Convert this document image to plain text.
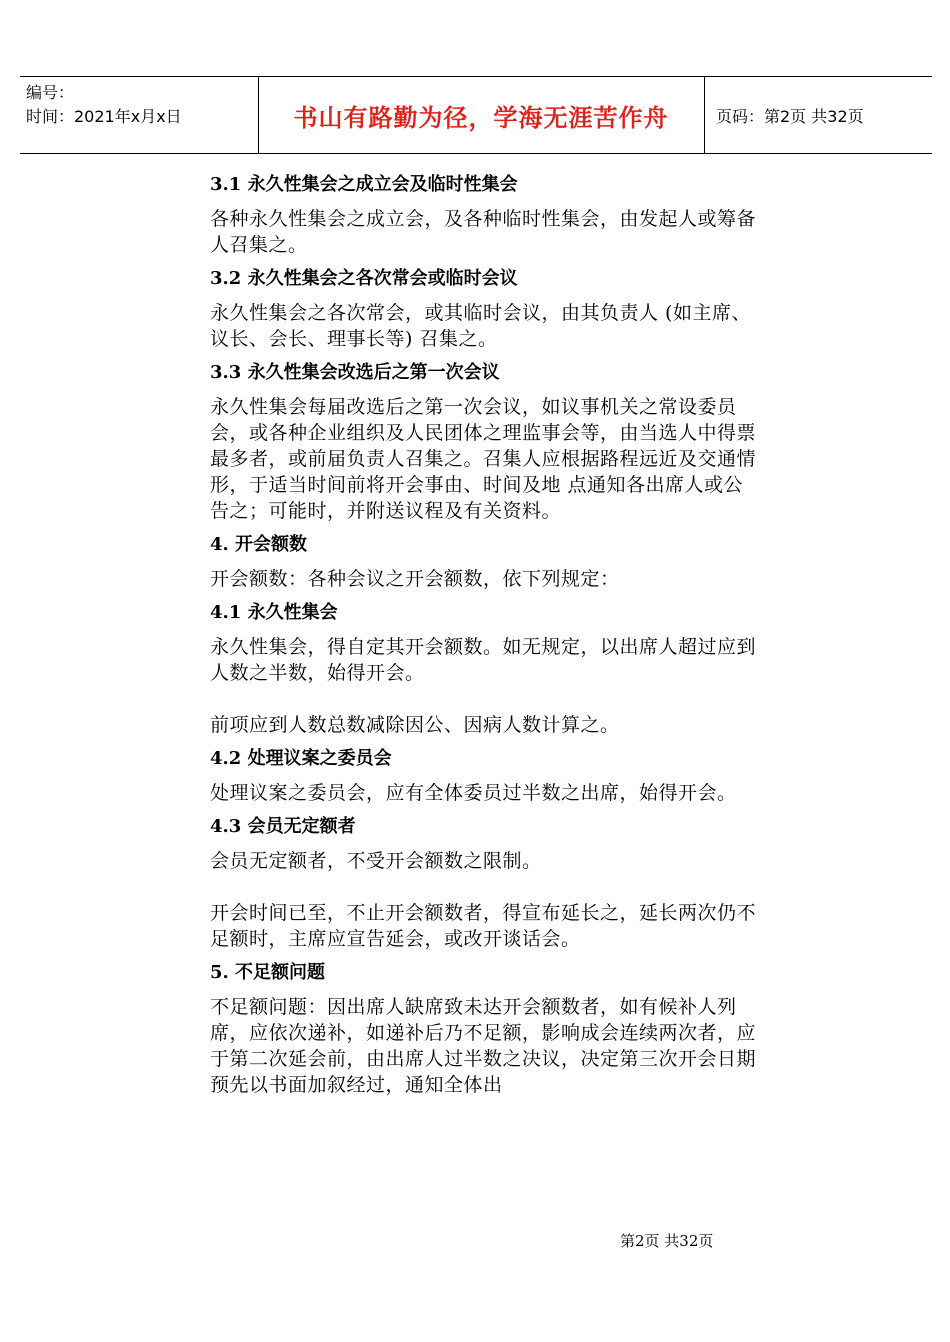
编号：
时间：2021年x月x日	书山有路勤为径，学海无涯苦作舟	页码：第2页 共32页
3.1 永久性集会之成立会及临时性集会
各种永久性集会之成立会，及各种临时性集会，由发起人或筹备人召集之。
3.2 永久性集会之各次常会或临时会议
永久性集会之各次常会，或其临时会议，由其负责人 (如主席、议长、会长、理事长等) 召集之。
3.3 永久性集会改选后之第一次会议
永久性集会每届改选后之第一次会议，如议事机关之常设委员会，或各种企业组织及人民团体之理监事会等，由当选人中得票最多者，或前届负责人召集之。召集人应根据路程远近及交通情形，于适当时间前将开会事由、时间及地 点通知各出席人或公告之；可能时，并附送议程及有关资料。
4. 开会额数
开会额数：各种会议之开会额数，依下列规定：
4.1 永久性集会
永久性集会，得自定其开会额数。如无规定，以出席人超过应到人数之半数，始得开会。
前项应到人数总数减除因公、因病人数计算之。
4.2 处理议案之委员会
处理议案之委员会，应有全体委员过半数之出席，始得开会。
4.3 会员无定额者
会员无定额者，不受开会额数之限制。
开会时间已至，不止开会额数者，得宣布延长之，延长两次仍不足额时，主席应宣告延会，或改开谈话会。
5. 不足额问题
不足额问题：因出席人缺席致未达开会额数者，如有候补人列席，应依次递补，如递补后乃不足额，影响成会连续两次者，应于第二次延会前，由出席人过半数之决议，决定第三次开会日期预先以书面加叙经过，通知全体出
第2页 共32页
